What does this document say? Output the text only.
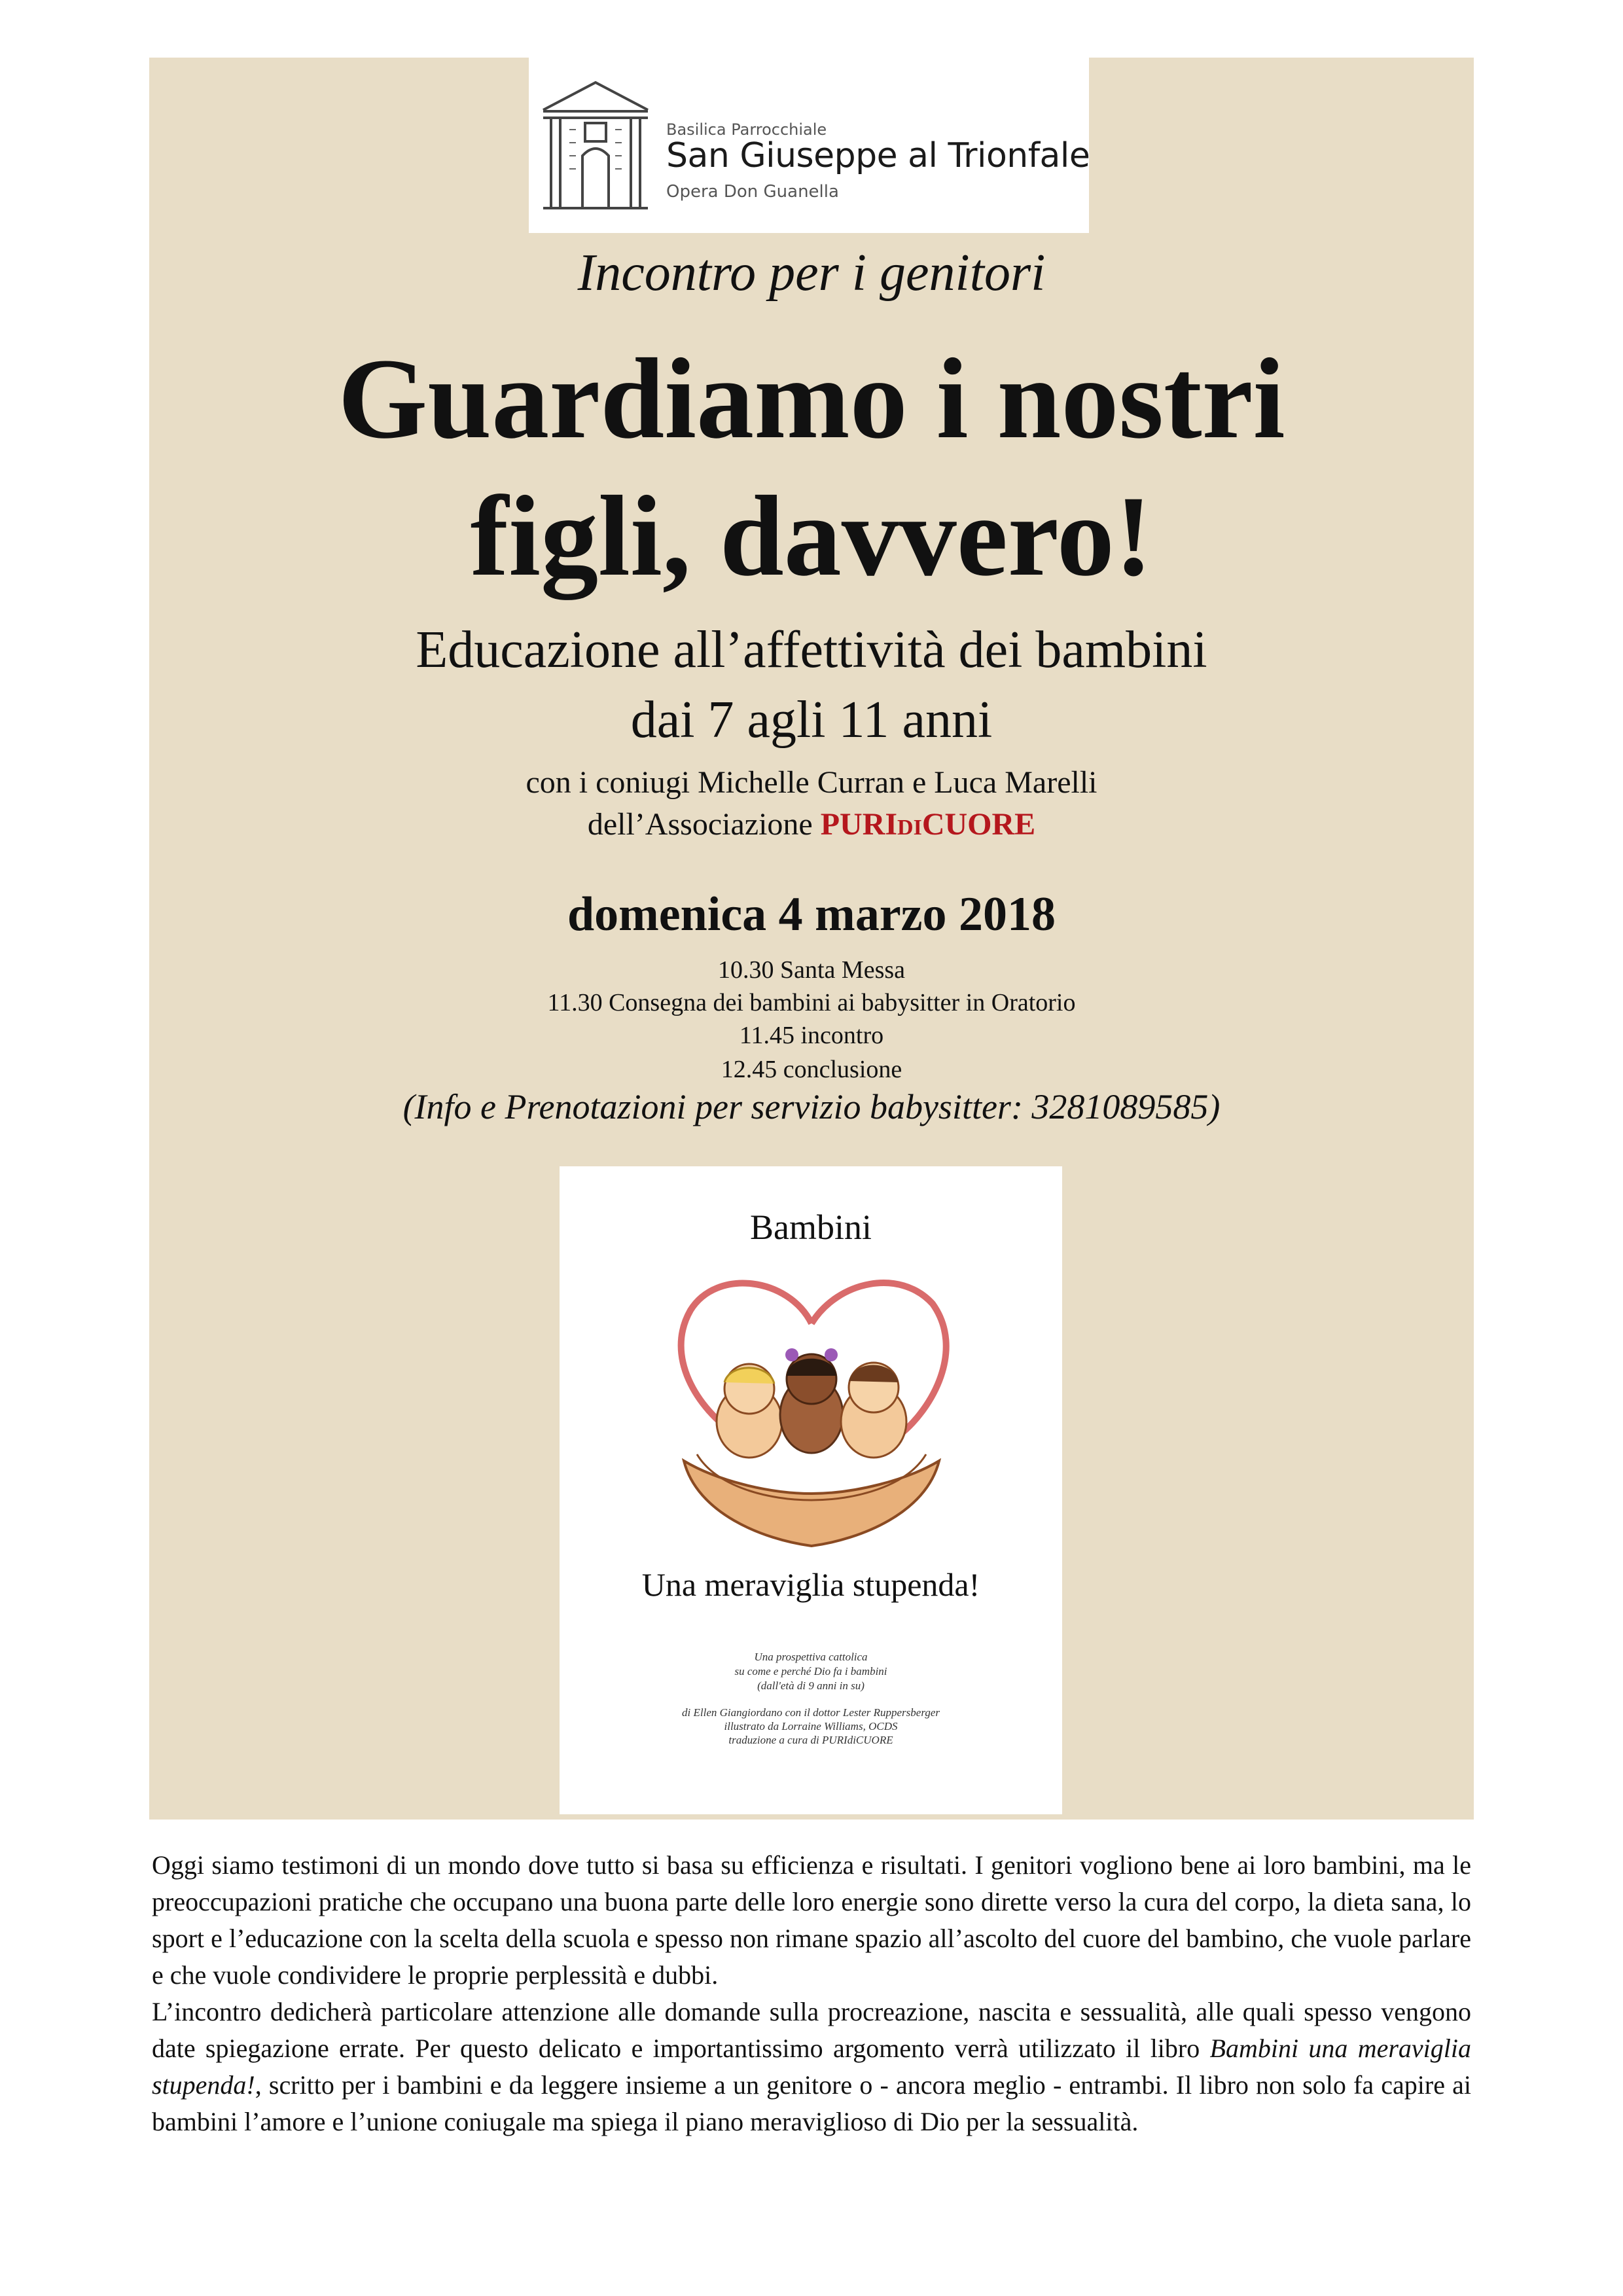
Basilica Parrocchiale
San Giuseppe al Trionfale
Opera Don Guanella
Incontro per i genitori
Guardiamo i nostri
figli, davvero!
Educazione all’affettività dei bambini
dai 7 agli 11 anni
con i coniugi Michelle Curran e Luca Marelli
dell’Associazione PURIDICUORE
domenica 4 marzo 2018
10.30 Santa Messa
11.30 Consegna dei bambini ai babysitter in Oratorio
11.45 incontro
12.45 conclusione
(Info e Prenotazioni per servizio babysitter: 3281089585)
Bambini
Una meraviglia stupenda!
Una prospettiva cattolica
su come e perché Dio fa i bambini
(dall'età di 9 anni in su)
di Ellen Giangiordano con il dottor Lester Ruppersberger
illustrato da Lorraine Williams, OCDS
traduzione a cura di PURIdiCUORE

Oggi siamo testimoni di un mondo dove tutto si basa su efficienza e risultati. I genitori vogliono bene ai loro bambini, ma le preoccupazioni pratiche che occupano una buona parte delle loro energie sono dirette verso la cura del corpo, la dieta sana, lo sport e l’educazione con la scelta della scuola e spesso non rimane spazio all’ascolto del cuore del bambino, che vuole parlare e che vuole condividere le proprie perplessità e dubbi.

L’incontro dedicherà particolare attenzione alle domande sulla procreazione, nascita e sessualità, alle quali spesso vengono date spiegazione errate. Per questo delicato e importantissimo argomento verrà utilizzato il libro Bambini una meraviglia stupenda!, scritto per i bambini e da leggere insieme a un genitore o - ancora meglio - entrambi. Il libro non solo fa capire ai bambini l’amore e l’unione coniugale ma spiega il piano meraviglioso di Dio per la sessualità.
